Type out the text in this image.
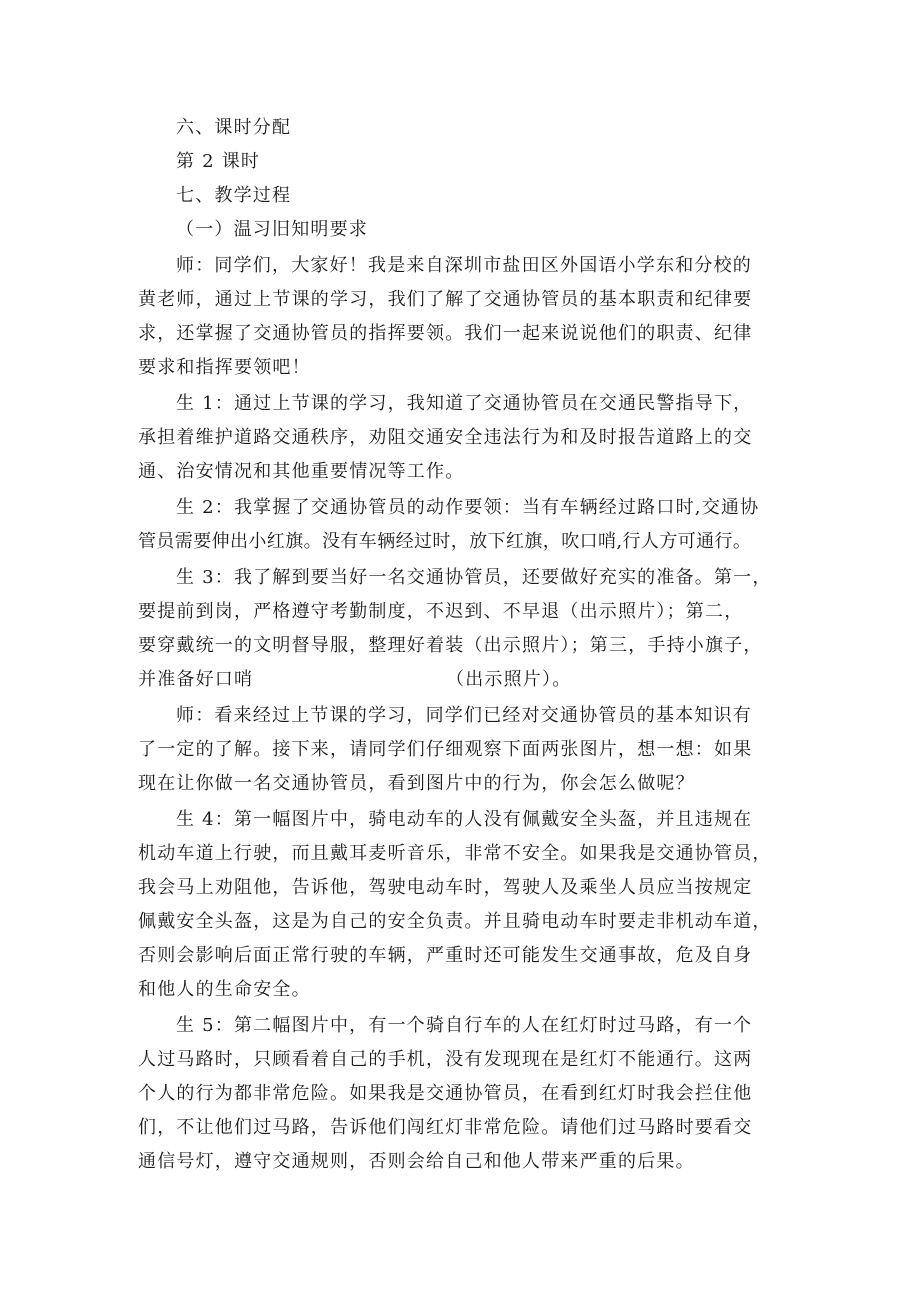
六、课时分配
第 2 课时
七、教学过程
（一）温习旧知明要求
师：同学们，大家好！我是来自深圳市盐田区外国语小学东和分校的
黄老师，通过上节课的学习，我们了解了交通协管员的基本职责和纪律要
求，还掌握了交通协管员的指挥要领。我们一起来说说他们的职责、纪律
要求和指挥要领吧！
生 1：通过上节课的学习，我知道了交通协管员在交通民警指导下，
承担着维护道路交通秩序，劝阻交通安全违法行为和及时报告道路上的交
通、治安情况和其他重要情况等工作。
生 2：我掌握了交通协管员的动作要领：当有车辆经过路口时,交通协
管员需要伸出小红旗。没有车辆经过时，放下红旗，吹口哨,行人方可通行。
生 3：我了解到要当好一名交通协管员，还要做好充实的准备。第一，
要提前到岗，严格遵守考勤制度，不迟到、不早退（出示照片）；第二，
要穿戴统一的文明督导服，整理好着装（出示照片）；第三，手持小旗子，
并准备好口哨	（出示照片）。
师：看来经过上节课的学习，同学们已经对交通协管员的基本知识有
了一定的了解。接下来，请同学们仔细观察下面两张图片，想一想：如果
现在让你做一名交通协管员，看到图片中的行为，你会怎么做呢？
生 4：第一幅图片中，骑电动车的人没有佩戴安全头盔，并且违规在
机动车道上行驶，而且戴耳麦听音乐，非常不安全。如果我是交通协管员，
我会马上劝阻他，告诉他，驾驶电动车时，驾驶人及乘坐人员应当按规定
佩戴安全头盔，这是为自己的安全负责。并且骑电动车时要走非机动车道，
否则会影响后面正常行驶的车辆，严重时还可能发生交通事故，危及自身
和他人的生命安全。
生 5：第二幅图片中，有一个骑自行车的人在红灯时过马路，有一个
人过马路时，只顾看着自己的手机，没有发现现在是红灯不能通行。这两
个人的行为都非常危险。如果我是交通协管员，在看到红灯时我会拦住他
们，不让他们过马路，告诉他们闯红灯非常危险。请他们过马路时要看交
通信号灯，遵守交通规则，否则会给自己和他人带来严重的后果。
